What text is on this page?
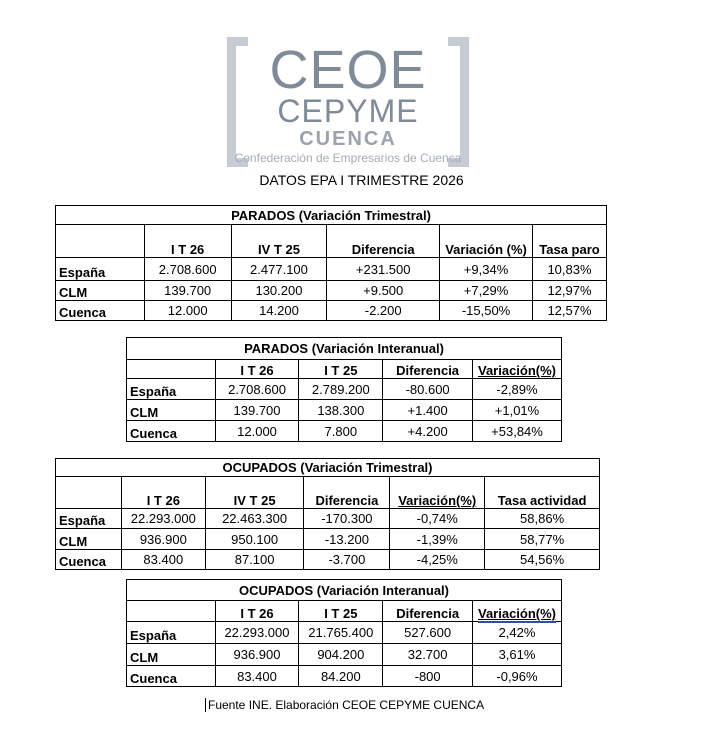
CEOE
CEPYME
CUENCA
Confederación de Empresarios de Cuenca
DATOS EPA I TRIMESTRE 2026
PARADOS (Variación Trimestral)					
	I T 26	IV T 25	Diferencia	Variación (%)	Tasa paro
España	2.708.600	2.477.100	+231.500	+9,34%	10,83%
CLM	139.700	130.200	+9.500	+7,29%	12,97%
Cuenca	12.000	14.200	-2.200	-15,50%	12,57%
PARADOS (Variación Interanual)				
	I T 26	I T 25	Diferencia	Variación(%)
España	2.708.600	2.789.200	-80.600	-2,89%
CLM	139.700	138.300	+1.400	+1,01%
Cuenca	12.000	7.800	+4.200	+53,84%
OCUPADOS (Variación Trimestral)					
	I T 26	IV T 25	Diferencia	Variación(%)	Tasa actividad
España	22.293.000	22.463.300	-170.300	-0,74%	58,86%
CLM	936.900	950.100	-13.200	-1,39%	58,77%
Cuenca	83.400	87.100	-3.700	-4,25%	54,56%
OCUPADOS (Variación Interanual)				
	I T 26	I T 25	Diferencia	Variación(%)
España	22.293.000	21.765.400	527.600	2,42%
CLM	936.900	904.200	32.700	3,61%
Cuenca	83.400	84.200	-800	-0,96%
Fuente INE. Elaboración CEOE CEPYME CUENCA
